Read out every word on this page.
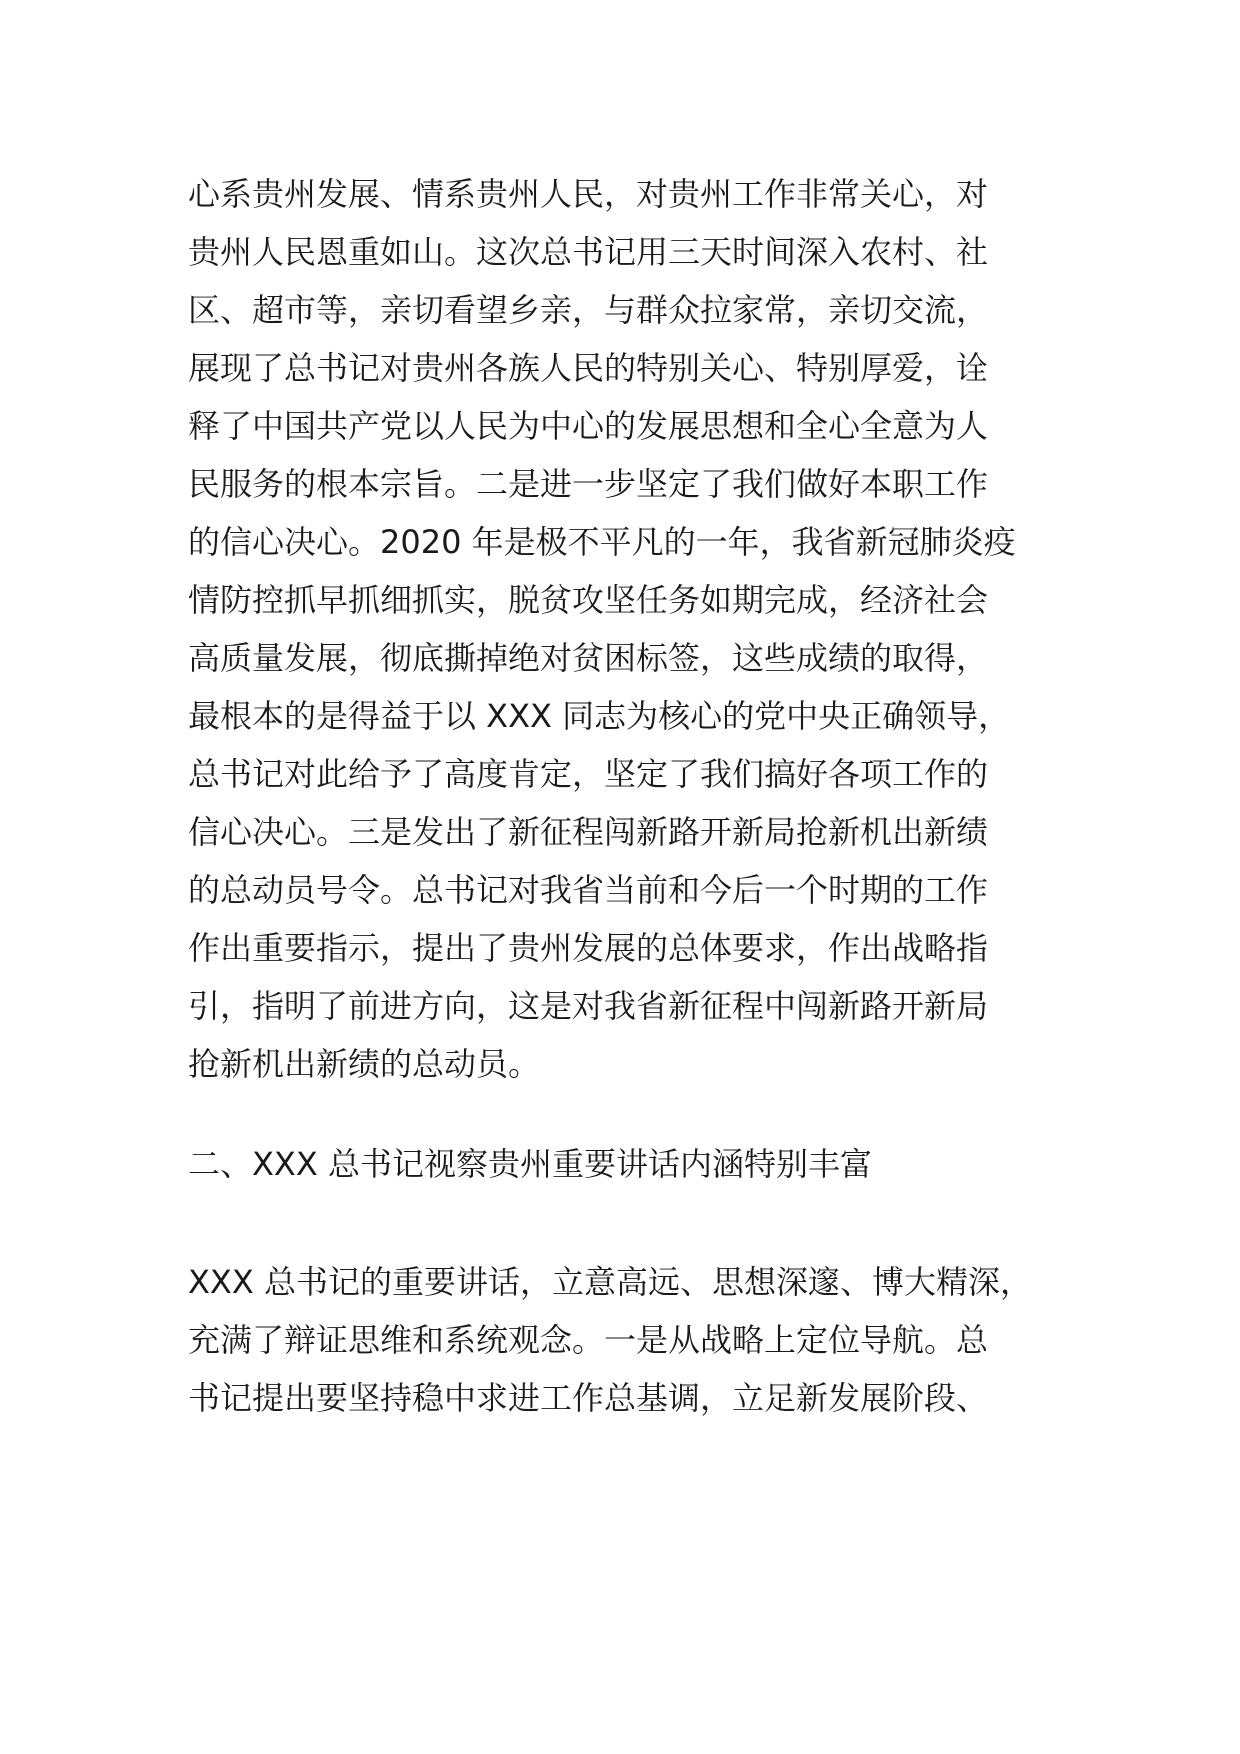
心系贵州发展、情系贵州人民，对贵州工作非常关心，对
贵州人民恩重如山。这次总书记用三天时间深入农村、社
区、超市等，亲切看望乡亲，与群众拉家常，亲切交流，
展现了总书记对贵州各族人民的特别关心、特别厚爱，诠
释了中国共产党以人民为中心的发展思想和全心全意为人
民服务的根本宗旨。二是进一步坚定了我们做好本职工作
的信心决心。2020 年是极不平凡的一年，我省新冠肺炎疫
情防控抓早抓细抓实，脱贫攻坚任务如期完成，经济社会
高质量发展，彻底撕掉绝对贫困标签，这些成绩的取得，
最根本的是得益于以 XXX 同志为核心的党中央正确领导，
总书记对此给予了高度肯定，坚定了我们搞好各项工作的
信心决心。三是发出了新征程闯新路开新局抢新机出新绩
的总动员号令。总书记对我省当前和今后一个时期的工作
作出重要指示，提出了贵州发展的总体要求，作出战略指
引，指明了前进方向，这是对我省新征程中闯新路开新局
抢新机出新绩的总动员。
二、XXX 总书记视察贵州重要讲话内涵特别丰富
XXX 总书记的重要讲话，立意高远、思想深邃、博大精深，
充满了辩证思维和系统观念。一是从战略上定位导航。总
书记提出要坚持稳中求进工作总基调，立足新发展阶段、
